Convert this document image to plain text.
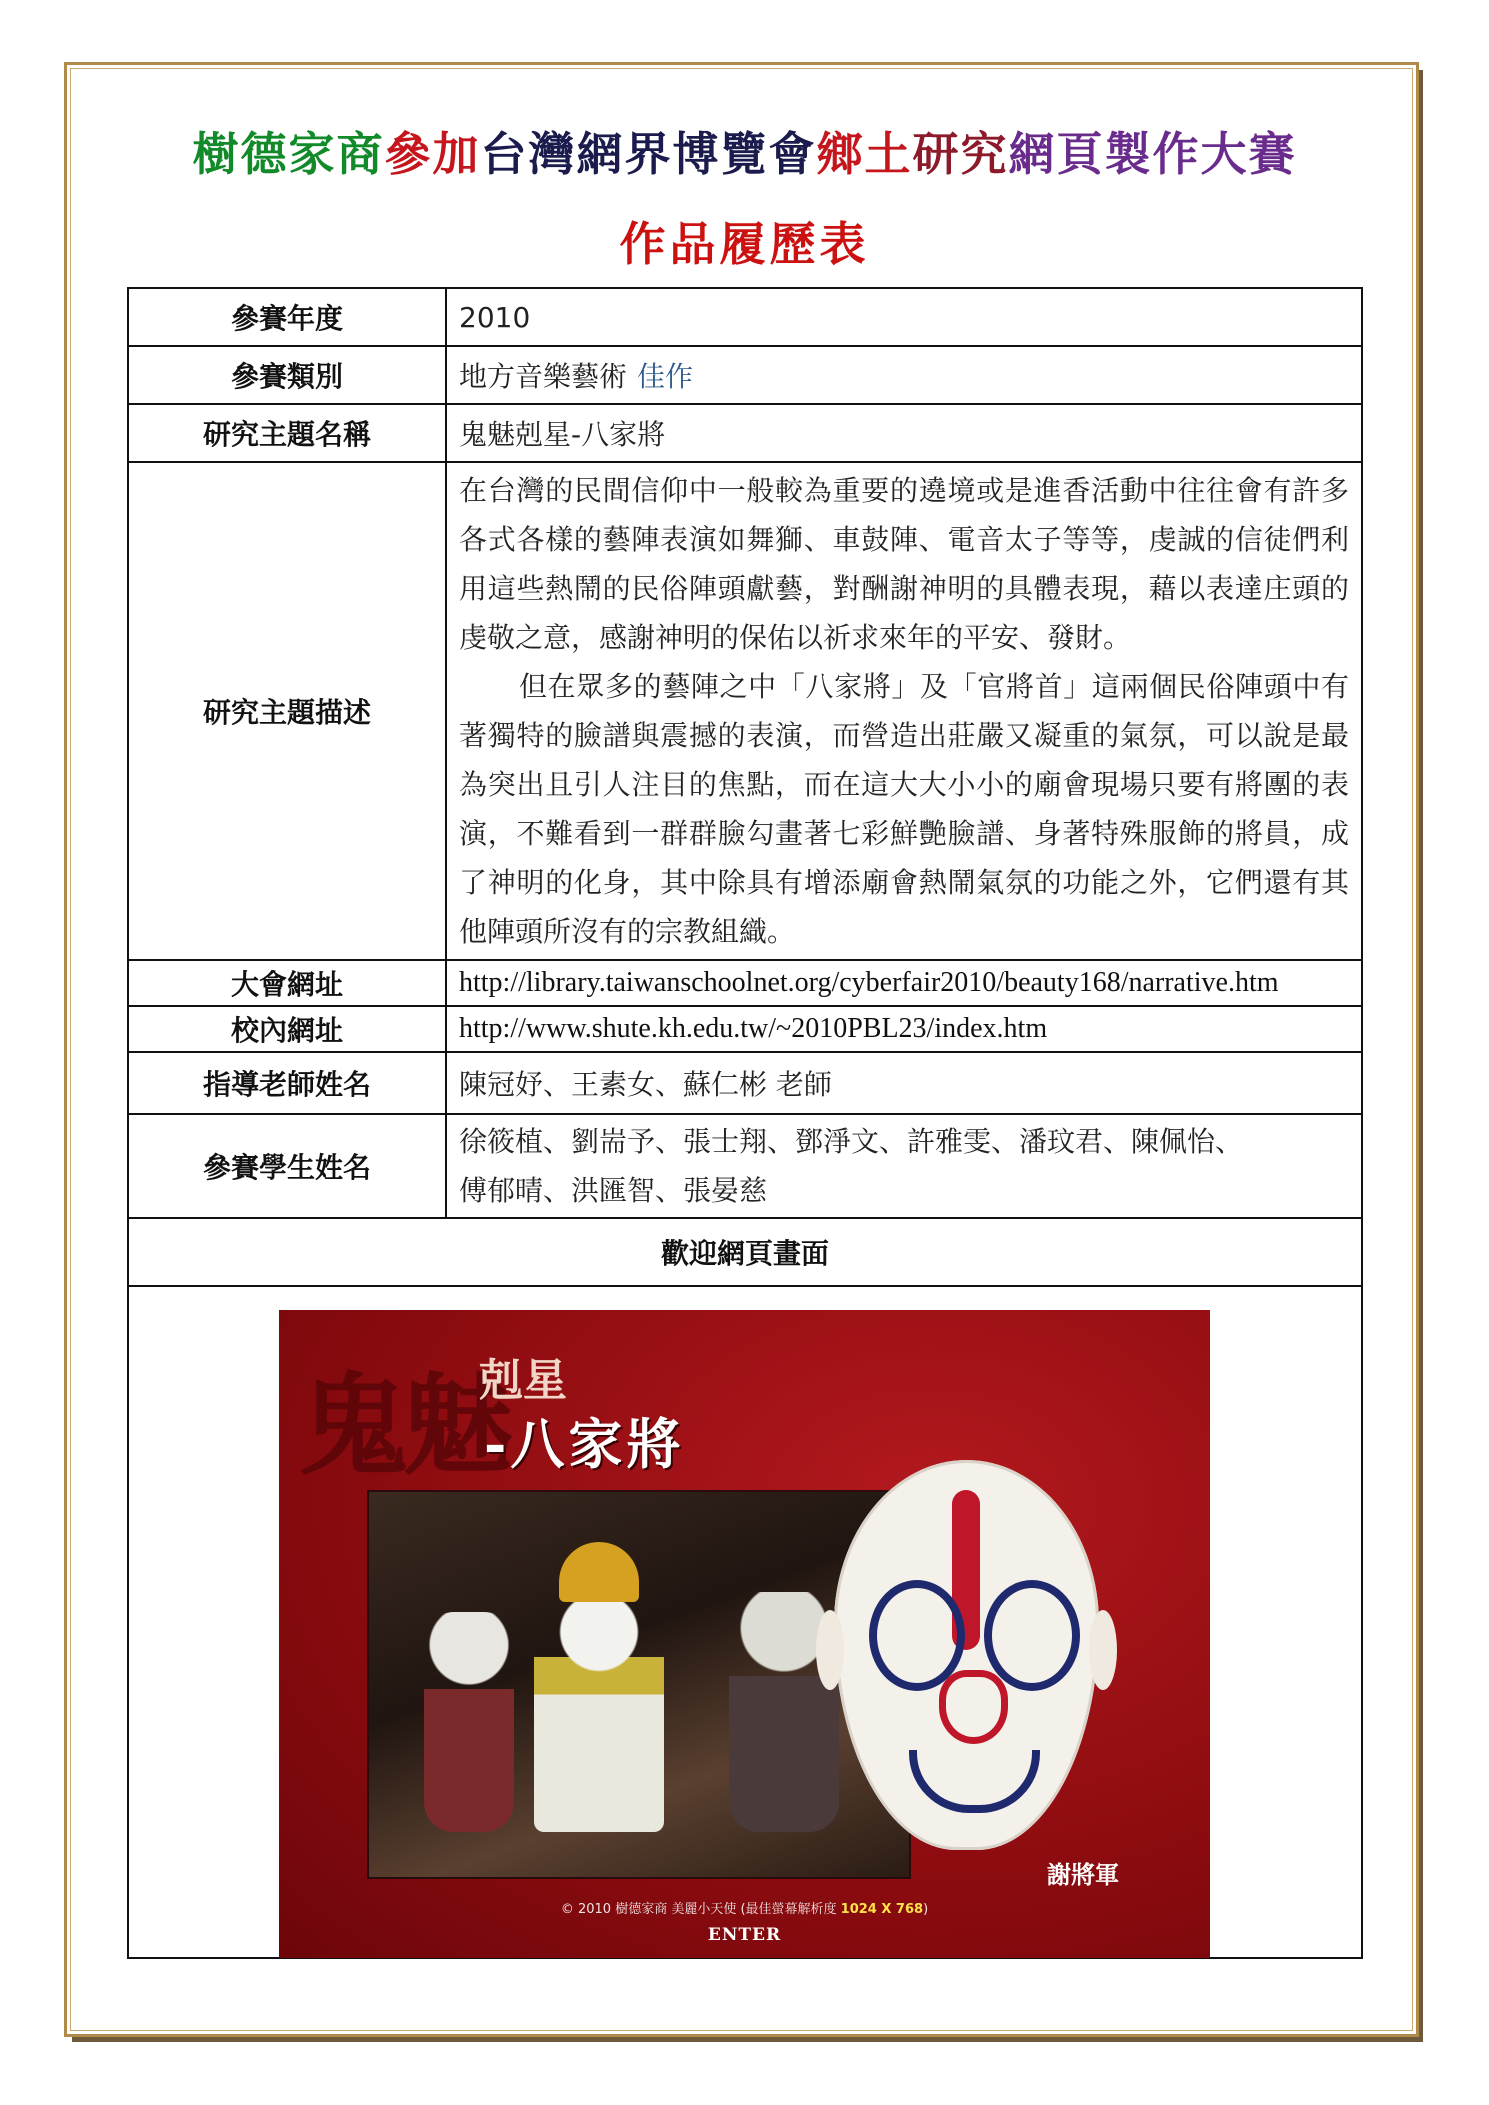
樹德家商參加台灣網界博覽會鄉土研究網頁製作大賽
作品履歷表
參賽年度	2010
參賽類別	地方音樂藝術 佳作
研究主題名稱	鬼魅剋星-八家將
研究主題描述	在台灣的民間信仰中一般較為重要的遶境或是進香活動中往往會有許多各式各樣的藝陣表演如舞獅、車鼓陣、電音太子等等，虔誠的信徒們利用這些熱鬧的民俗陣頭獻藝，對酬謝神明的具體表現，藉以表達庄頭的虔敬之意，感謝神明的保佑以祈求來年的平安、發財。

但在眾多的藝陣之中「八家將」及「官將首」這兩個民俗陣頭中有著獨特的臉譜與震撼的表演，而營造出莊嚴又凝重的氣氛，可以說是最為突出且引人注目的焦點，而在這大大小小的廟會現場只要有將團的表演，不難看到一群群臉勾畫著七彩鮮艷臉譜、身著特殊服飾的將員，成了神明的化身，其中除具有增添廟會熱鬧氣氛的功能之外，它們還有其他陣頭所沒有的宗教組織。

大會網址	http://library.taiwanschoolnet.org/cyberfair2010/beauty168/narrative.htm
校內網址	http://www.shute.kh.edu.tw/~2010PBL23/index.htm
指導老師姓名	陳冠妤、王素女、蘇仁彬 老師
參賽學生姓名	徐筱植、劉耑予、張士翔、鄧淨文、許雅雯、潘玟君、陳佩怡、

傅郁晴、洪匯智、張晏慈

歡迎網頁畫面	

鬼魅
剋星
-八家將
謝將軍
© 2010 樹德家商 美麗小天使 (最佳螢幕解析度 1024 X 768)
ENTER
